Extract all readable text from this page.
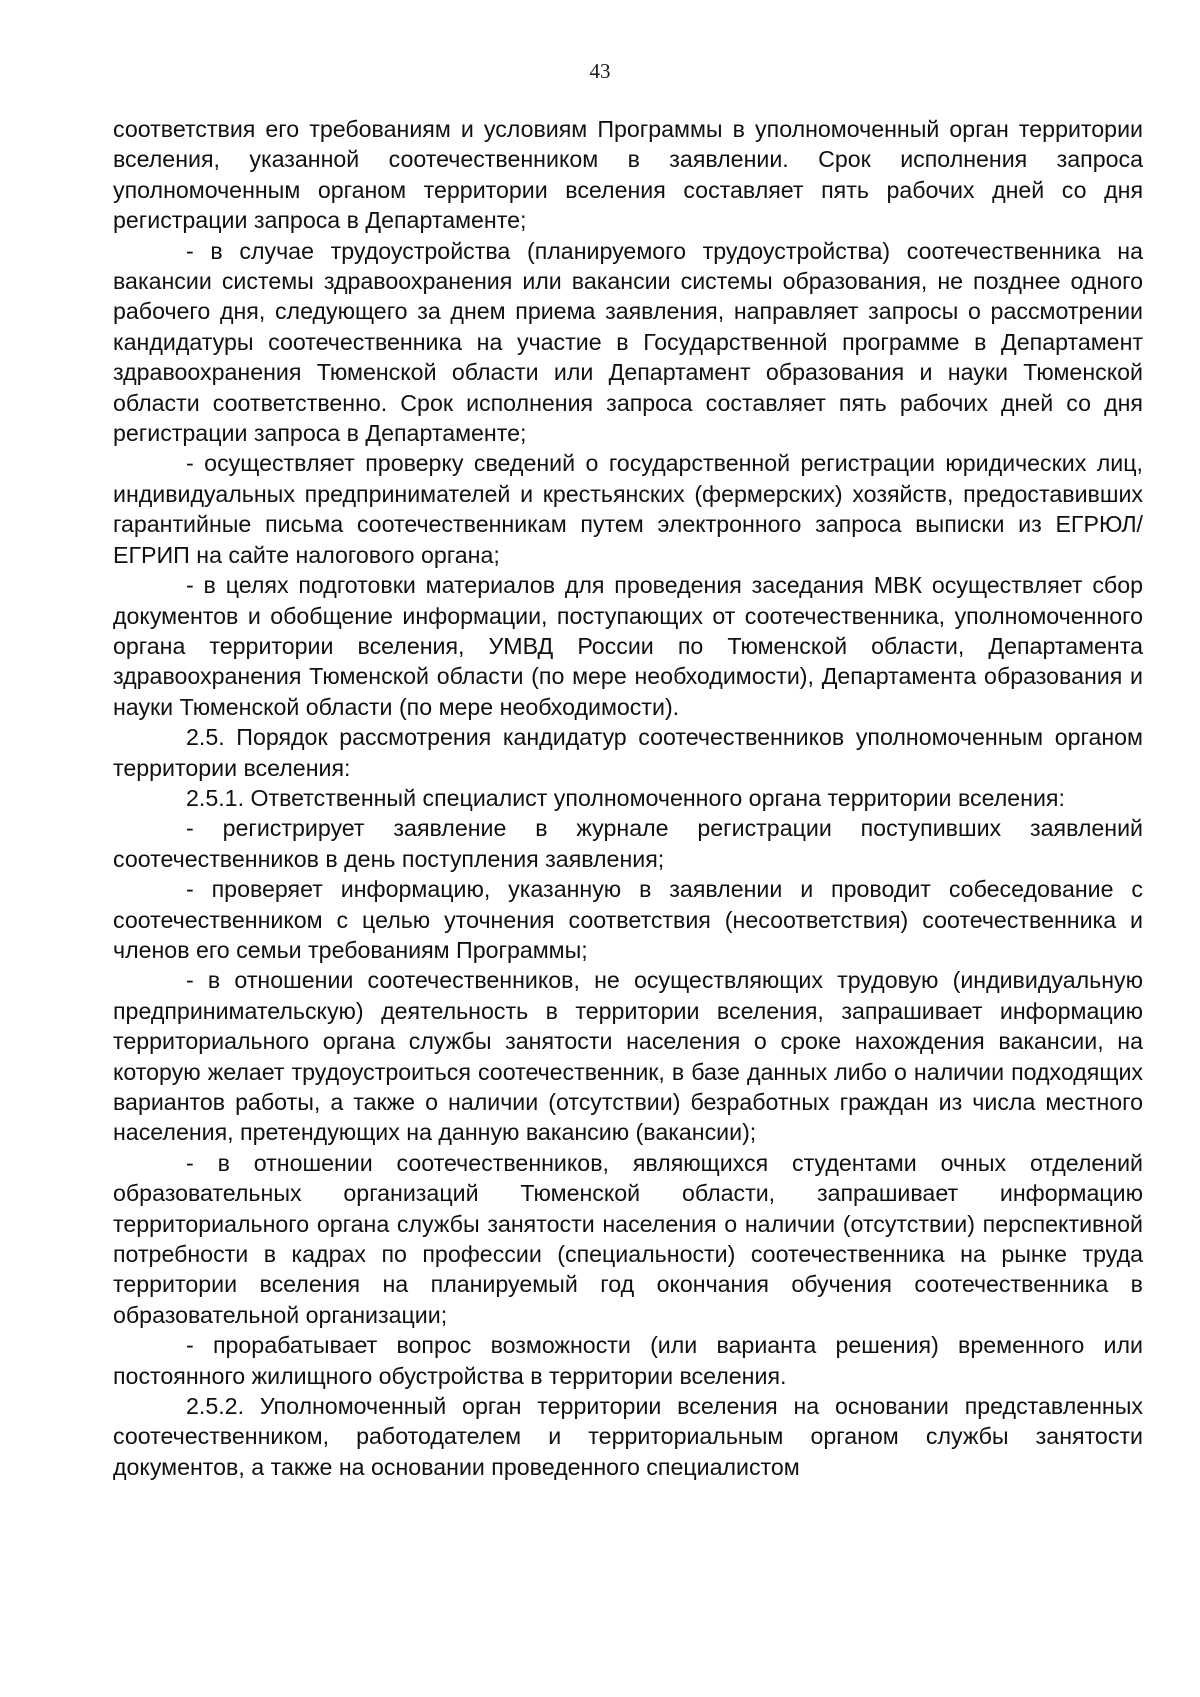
43

соответствия его требованиям и условиям Программы в уполномоченный орган территории вселения, указанной соотечественником в заявлении. Срок исполнения запроса уполномоченным органом территории вселения составляет пять рабочих дней со дня регистрации запроса в Департаменте;

- в случае трудоустройства (планируемого трудоустройства) соотечественника на вакансии системы здравоохранения или вакансии системы образования, не позднее одного рабочего дня, следующего за днем приема заявления, направляет запросы о рассмотрении кандидатуры соотечественника на участие в Государственной программе в Департамент здравоохранения Тюменской области или Департамент образования и науки Тюменской области соответственно. Срок исполнения запроса составляет пять рабочих дней со дня регистрации запроса в Департаменте;

- осуществляет проверку сведений о государственной регистрации юридических лиц, индивидуальных предпринимателей и крестьянских (фермерских) хозяйств, предоставивших гарантийные письма соотечественникам путем электронного запроса выписки из ЕГРЮЛ/ЕГРИП на сайте налогового органа;

- в целях подготовки материалов для проведения заседания МВК осуществляет сбор документов и обобщение информации, поступающих от соотечественника, уполномоченного органа территории вселения, УМВД России по Тюменской области, Департамента здравоохранения Тюменской области (по мере необходимости), Департамента образования и науки Тюменской области (по мере необходимости).

2.5. Порядок рассмотрения кандидатур соотечественников уполномоченным органом территории вселения:

2.5.1. Ответственный специалист уполномоченного органа территории вселения:

- регистрирует заявление в журнале регистрации поступивших заявлений соотечественников в день поступления заявления;

- проверяет информацию, указанную в заявлении и проводит собеседование с соотечественником с целью уточнения соответствия (несоответствия) соотечественника и членов его семьи требованиям Программы;

- в отношении соотечественников, не осуществляющих трудовую (индивидуальную предпринимательскую) деятельность в территории вселения, запрашивает информацию территориального органа службы занятости населения о сроке нахождения вакансии, на которую желает трудоустроиться соотечественник, в базе данных либо о наличии подходящих вариантов работы, а также о наличии (отсутствии) безработных граждан из числа местного населения, претендующих на данную вакансию (вакансии);

- в отношении соотечественников, являющихся студентами очных отделений образовательных организаций Тюменской области, запрашивает информацию территориального органа службы занятости населения о наличии (отсутствии) перспективной потребности в кадрах по профессии (специальности) соотечественника на рынке труда территории вселения на планируемый год окончания обучения соотечественника в образовательной организации;

- прорабатывает вопрос возможности (или варианта решения) временного или постоянного жилищного обустройства в территории вселения.

2.5.2. Уполномоченный орган территории вселения на основании представленных соотечественником, работодателем и территориальным органом службы занятости документов, а также на основании проведенного специалистом
